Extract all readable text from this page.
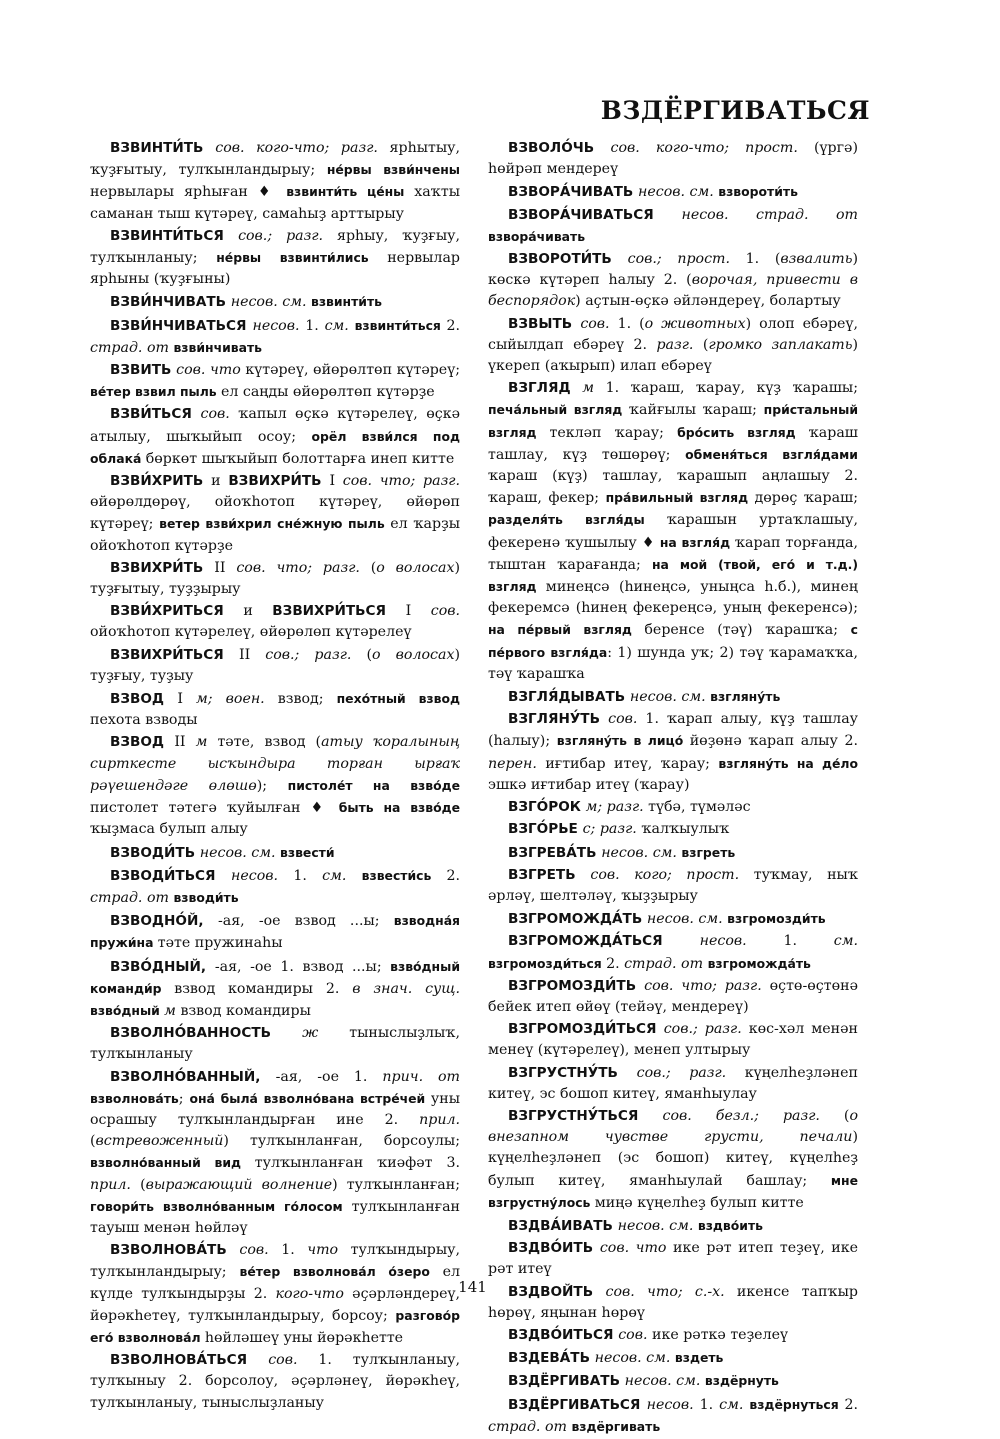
ВЗДЁРГИВАТЬСЯ
ВЗВИНТИ́ТЬ сов. кого-что; разг. ярһытыу, ҡуҙғытыу, тулҡынландырыу; не́рвы взви́нчены нервылары ярһыған ♦ взвинти́ть це́ны хаҡты саманан тыш күтәреү, самаһыҙ арттырыу
ВЗВИНТИ́ТЬСЯ сов.; разг. ярһыу, ҡуҙғыу, тулҡынланыу; не́рвы взвинти́лись нервылар ярһыны (ҡуҙғыны)
ВЗВИ́НЧИВАТЬ несов. см. взвинти́ть
ВЗВИ́НЧИВАТЬСЯ несов. 1. см. взвинти́ться 2. страд. от взви́нчивать
ВЗВИТЬ сов. что күтәреү, өйөрөлтөп күтәреү; ве́тер взвил пыль ел саңды өйөрөлтөп күтәрҙе
ВЗВИ́ТЬСЯ сов. ҡапыл өҫкә күтәрелеү, өҫкә атылыу, шыҡыйып осоу; орёл взви́лся под облака́ бөркөт шыҡыйып болоттарға инеп китте
ВЗВИ́ХРИТЬ и ВЗВИХРИ́ТЬ I сов. что; разг. өйөрөлдөрөү, ойоҡһотоп күтәреү, өйөрөп күтәреү; ветер взви́хрил сне́жную пыль ел ҡарҙы ойоҡһотоп күтәрҙе
ВЗВИХРИ́ТЬ II сов. что; разг. (о волосах) туҙғытыу, туҙҙырыу
ВЗВИ́ХРИТЬСЯ и ВЗВИХРИ́ТЬСЯ I сов. ойоҡһотоп күтәрелеү, өйөрөлөп күтәрелеү
ВЗВИХРИ́ТЬСЯ II сов.; разг. (о волосах) туҙғыу, туҙыу
ВЗВОД I м; воен. взвод; пехо́тный взвод пехота взводы
ВЗВОД II м тәте, взвод (атыу ҡоралының сирткесте ысҡындыра торған ырғаҡ рәүешендәге өлөшө); пистоле́т на взво́де пистолет тәтегә ҡуйылған ♦ быть на взво́де ҡыҙмаса булып алыу
ВЗВОДИ́ТЬ несов. см. взвести́
ВЗВОДИ́ТЬСЯ несов. 1. см. взвести́сь 2. страд. от взводи́ть
ВЗВОДНО́Й, -ая, -ое взвод ...ы; взводна́я пружи́на тәте пружинаһы
ВЗВО́ДНЫЙ, -ая, -ое 1. взвод ...ы; взво́дный команди́р взвод командиры 2. в знач. сущ. взво́дный м взвод командиры
ВЗВОЛНО́ВАННОСТЬ ж тыныслыҙлыҡ, тулҡынланыу
ВЗВОЛНО́ВАННЫЙ, -ая, -ое 1. прич. от взволнова́ть; она́ была́ взволно́вана встре́чей уны осрашыу тулҡынландырған ине 2. прил. (встревоженный) тулҡынланған, борсоулы; взволно́ванный вид тулҡынланған ҡиәфәт 3. прил. (выражающий волнение) тулҡынланған; говори́ть взволно́ванным го́лосом тулҡынланған тауыш менән һөйләү
ВЗВОЛНОВА́ТЬ сов. 1. что тулҡындырыу, тулҡынландырыу; ве́тер взволнова́л о́зеро ел күлде тулҡындырҙы 2. кого-что әҫәрләндереү, йөрәкһетеү, тулҡынландырыу, борсоу; разгово́р его́ взволнова́л һөйләшеү уны йөрәкһетте
ВЗВОЛНОВА́ТЬСЯ сов. 1. тулҡынланыу, тулҡыныу 2. борсолоу, әҫәрләнеү, йөрәкһеү, тулҡынланыу, тыныслыҙланыу
ВЗВОЛО́ЧЬ сов. кого-что; прост. (үргә) һөйрәп мендереү
ВЗВОРА́ЧИВАТЬ несов. см. взвороти́ть
ВЗВОРА́ЧИВАТЬСЯ несов. страд. от взвора́чивать
ВЗВОРОТИ́ТЬ сов.; прост. 1. (взвалить) көскә күтәреп һалыу 2. (ворочая, привести в беспорядок) аҫтын-өҫкә әйләндереү, болартыу
ВЗВЫТЬ сов. 1. (о животных) олоп ебәреү, сыйылдап ебәреү 2. разг. (громко заплакать) үкереп (аҡырып) илап ебәреү
ВЗГЛЯД м 1. ҡараш, ҡарау, күҙ ҡарашы; печа́льный взгляд ҡайғылы ҡараш; при́стальный взгляд текләп ҡарау; бро́сить взгляд ҡараш ташлау, күҙ төшөрөү; обменя́ться взгля́дами ҡараш (күҙ) ташлау, ҡарашып аңлашыу 2. ҡараш, фекер; пра́вильный взгляд дөрөҫ ҡараш; разделя́ть взгля́ды ҡарашын уртаҡлашыу, фекеренә ҡушылыу ♦ на взгля́д ҡарап торғанда, тыштан ҡарағанда; на мой (твой, его́ и т.д.) взгляд минеңсә (һинеңсә, уныңса һ.б.), минең фекеремсә (һинең фекереңсә, уның фекеренсә); на пе́рвый взгляд беренсе (тәү) ҡарашҡа; с пе́рвого взгля́да: 1) шунда уҡ; 2) тәү ҡарамаҡҡа, тәү ҡарашҡа
ВЗГЛЯ́ДЫВАТЬ несов. см. взгляну́ть
ВЗГЛЯНУ́ТЬ сов. 1. ҡарап алыу, күҙ ташлау (һалыу); взгляну́ть в лицо́ йөҙөнә ҡарап алыу 2. перен. иғтибар итеү, ҡарау; взгляну́ть на де́ло эшкә иғтибар итеү (ҡарау)
ВЗГО́РОК м; разг. түбә, түмәләс
ВЗГО́РЬЕ с; разг. ҡалҡыулыҡ
ВЗГРЕВА́ТЬ несов. см. взгреть
ВЗГРЕТЬ сов. кого; прост. туҡмау, ныҡ әрләү, шелтәләү, ҡыҙҙырыу
ВЗГРОМОЖДА́ТЬ несов. см. взгромозди́ть
ВЗГРОМОЖДА́ТЬСЯ несов. 1. см. взгромозди́ться 2. страд. от взгроможда́ть
ВЗГРОМОЗДИ́ТЬ сов. что; разг. өҫтө-өҫтөнә бейек итеп өйөү (тейәү, мендереү)
ВЗГРОМОЗДИ́ТЬСЯ сов.; разг. көс-хәл менән менеү (күтәрелеү), менеп ултырыу
ВЗГРУСТНУ́ТЬ сов.; разг. күңелһеҙләнеп китеү, эс бошоп китеү, яманһыулау
ВЗГРУСТНУ́ТЬСЯ сов. безл.; разг. (о внезапном чувстве грусти, печали) күңелһеҙләнеп (эс бошоп) китеү, күңелһеҙ булып китеү, яманһыулай башлау; мне взгрустну́лось миңә күңелһеҙ булып китте
ВЗДВА́ИВАТЬ несов. см. вздво́ить
ВЗДВО́ИТЬ сов. что ике рәт итеп теҙеү, ике рәт итеү
ВЗДВОЙ́ТЬ сов. что; с.-х. икенсе тапҡыр һөрөү, яңынан һөрөү
ВЗДВО́ИТЬСЯ сов. ике рәткә теҙелеү
ВЗДЕВА́ТЬ несов. см. вздеть
ВЗДЁРГИВАТЬ несов. см. вздёрнуть
ВЗДЁРГИВАТЬСЯ несов. 1. см. вздёрнуться 2. страд. от вздёргивать
141
